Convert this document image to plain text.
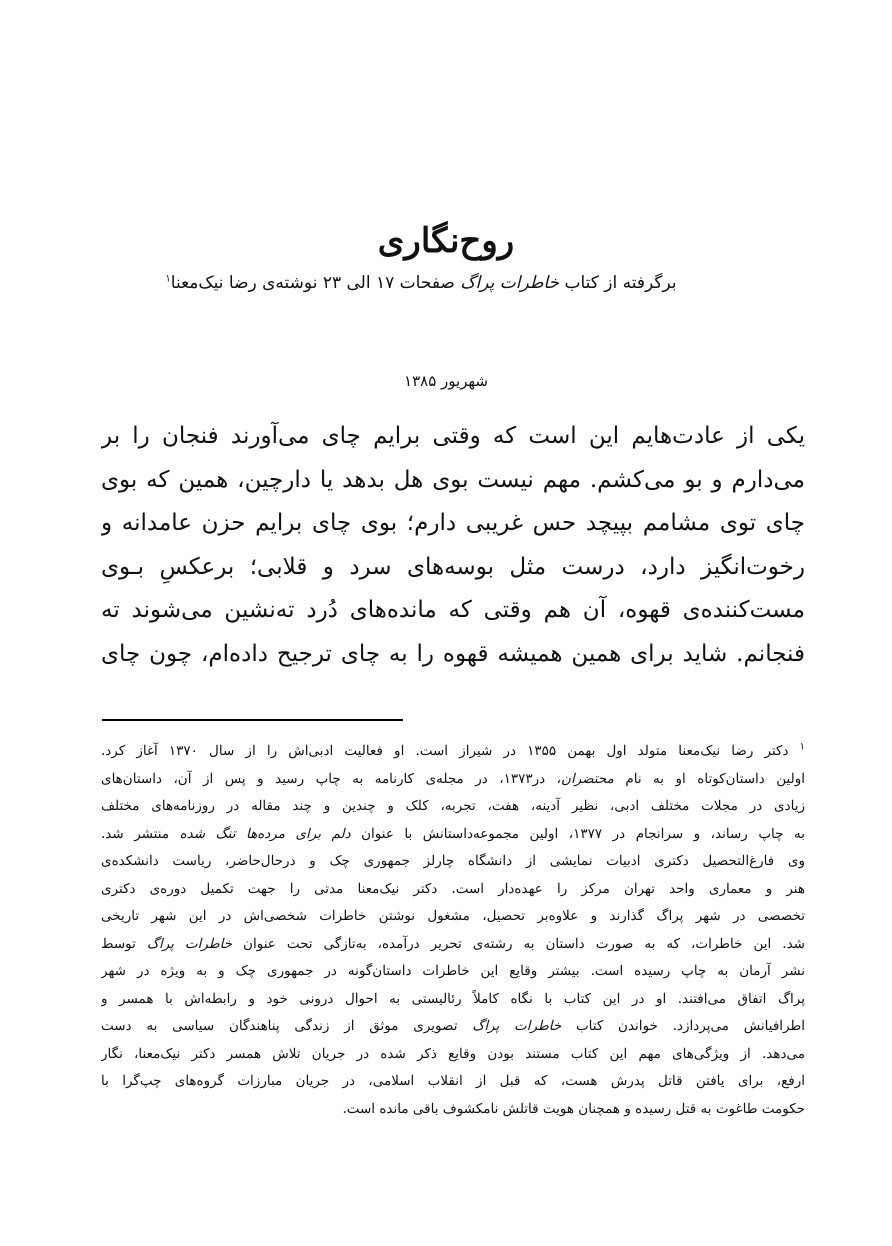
روح‌نگاری
برگرفته از کتاب خاطرات پراگ صفحات ۱۷ الی ۲۳ نوشته‌ی رضا نیک‌معنا$^۱$
شهریور ۱۳۸۵
یکی از عادت‌هایم این است که وقتی برایم چای می‌آورند فنجان را بر
می‌دارم و بو می‌کشم. مهم نیست بوی هل بدهد یا دارچین، همین که بوی
چای توی مشامم بپیچد حس غریبی دارم؛ بوی چای برایم حزن عامدانه و
رخوت‌انگیز دارد، درست مثل بوسه‌های سرد و قلابی؛ برعکسِ بـوی
مست‌کننده‌ی قهوه، آن هم وقتی که مانده‌های دُرد ته‌نشین می‌شوند ته
فنجانم. شاید برای همین همیشه قهوه را به چای ترجیح داده‌ام، چون چای
$^۱$ دکتر رضا نیک‌معنا متولد اول بهمن ۱۳۵۵ در شیراز است. او فعالیت ادبی‌اش را از سال ۱۳۷۰ آغاز کرد.
اولین داستان‌کوتاه او به نام محتضران، در۱۳۷۳، در مجله‌ی کارنامه به چاپ رسید و پس از آن، داستان‌های
زیادی در مجلات مختلف ادبی، نظیر آدینه، هفت، تجربه، کلک و چندین و چند مقاله در روزنامه‌های مختلف
به چاپ رساند، و سرانجام در ۱۳۷۷، اولین مجموعه‌داستانش با عنوان دلم برای مرده‌ها تنگ شده منتشر شد.
وی فارغ‌التحصیل دکتری ادبیات نمایشی از دانشگاه چارلز جمهوری چک و درحال‌حاضر، ریاست دانشکده‌ی
هنر و معماری واحد تهران مرکز را عهده‌دار است. دکتر نیک‌معنا مدتی را جهت تکمیل دوره‌ی دکتری
تخصصی در شهر پراگ گذارند و علاوه‌بر تحصیل، مشغول نوشتن خاطرات شخصی‌اش در این شهر تاریخی
شد. این خاطرات، که به صورت داستان به رشته‌ی تحریر درآمده، به‌تازگی تحت عنوان خاطرات پراگ توسط
نشر آرمان به چاپ رسیده است. بیشتر وقایع این خاطرات داستان‌گونه در جمهوری چک و به ویژه در شهر
پراگ اتفاق می‌افتند. او در این کتاب با نگاه کاملاً رئالیستی به احوال درونی خود و رابطه‌اش با همسر و
اطرافیانش می‌پردازد. خواندن کتاب خاطرات پراگ تصویری موثق از زندگی پناهندگان سیاسی به دست
می‌دهد. از ویژگی‌های مهم این کتاب مستند بودن وقایع ذکر شده در جریان تلاش همسر دکتر نیک‌معنا، نگار
ارفع، برای یافتن قاتل پدرش هست، که قبل از انقلاب اسلامی، در جریان مبارزات گروه‌های چپ‌گرا با
حکومت طاغوت به قتل رسیده و همچنان هویت قاتلش نامکشوف باقی مانده است.
